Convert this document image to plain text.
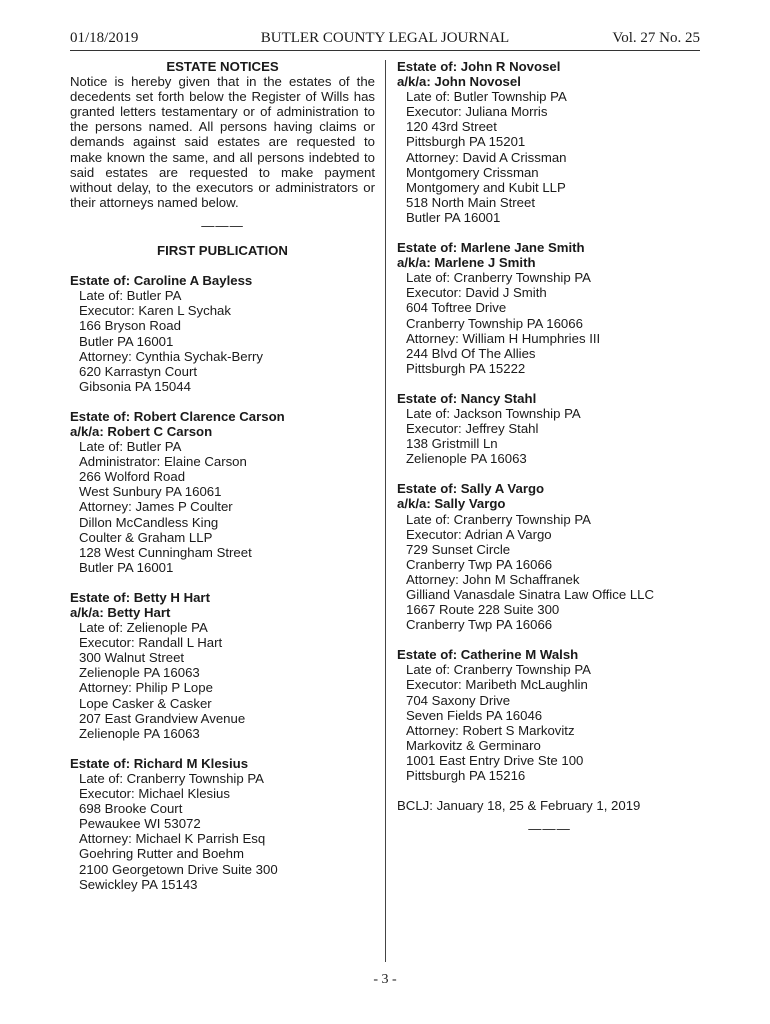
01/18/2019	BUTLER COUNTY LEGAL JOURNAL	Vol. 27 No. 25
ESTATE NOTICES
Notice is hereby given that in the estates of the decedents set forth below the Register of Wills has granted letters testamentary or of administration to the persons named. All persons having claims or demands against said estates are requested to make known the same, and all persons indebted to said estates are requested to make payment without delay, to the executors or administrators or their attorneys named below.
———
FIRST PUBLICATION
Estate of: Caroline A Bayless
Late of: Butler PA
Executor: Karen L Sychak
166 Bryson Road
Butler PA 16001
Attorney: Cynthia Sychak-Berry
620 Karrastyn Court
Gibsonia PA 15044
Estate of: Robert Clarence Carson
a/k/a: Robert C Carson
Late of: Butler PA
Administrator: Elaine Carson
266 Wolford Road
West Sunbury PA 16061
Attorney: James P Coulter
Dillon McCandless King
Coulter & Graham LLP
128 West Cunningham Street
Butler PA 16001
Estate of: Betty H Hart
a/k/a: Betty Hart
Late of: Zelienople PA
Executor: Randall L Hart
300 Walnut Street
Zelienople PA 16063
Attorney: Philip P Lope
Lope Casker & Casker
207 East Grandview Avenue
Zelienople PA 16063
Estate of: Richard M Klesius
Late of: Cranberry Township PA
Executor: Michael Klesius
698 Brooke Court
Pewaukee WI 53072
Attorney: Michael K Parrish Esq
Goehring Rutter and Boehm
2100 Georgetown Drive Suite 300
Sewickley PA 15143
Estate of: John R Novosel
a/k/a: John Novosel
Late of: Butler Township PA
Executor: Juliana Morris
120 43rd Street
Pittsburgh PA 15201
Attorney: David A Crissman
Montgomery Crissman
Montgomery and Kubit LLP
518 North Main Street
Butler PA 16001
Estate of: Marlene Jane Smith
a/k/a: Marlene J Smith
Late of: Cranberry Township PA
Executor: David J Smith
604 Toftree Drive
Cranberry Township PA 16066
Attorney: William H Humphries III
244 Blvd Of The Allies
Pittsburgh PA 15222
Estate of: Nancy Stahl
Late of: Jackson Township PA
Executor: Jeffrey Stahl
138 Gristmill Ln
Zelienople PA 16063
Estate of: Sally A Vargo
a/k/a: Sally Vargo
Late of: Cranberry Township PA
Executor: Adrian A Vargo
729 Sunset Circle
Cranberry Twp PA 16066
Attorney: John M Schaffranek
Gilliand Vanasdale Sinatra Law Office LLC
1667 Route 228 Suite 300
Cranberry Twp PA 16066
Estate of: Catherine M Walsh
Late of: Cranberry Township PA
Executor: Maribeth McLaughlin
704 Saxony Drive
Seven Fields PA 16046
Attorney: Robert S Markovitz
Markovitz & Germinaro
1001 East Entry Drive Ste 100
Pittsburgh PA 15216
BCLJ: January 18, 25 & February 1, 2019
———
- 3 -
